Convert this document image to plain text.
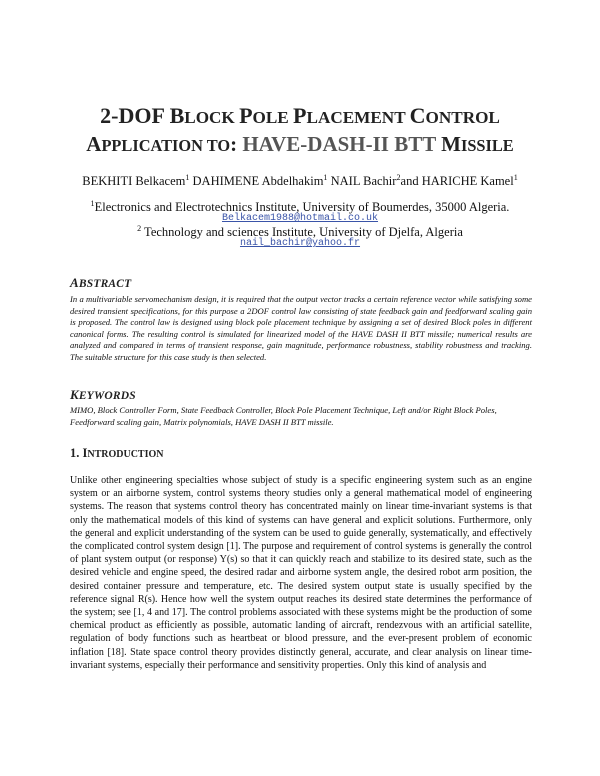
2-DOF BLOCK POLE PLACEMENT CONTROL
APPLICATION TO: HAVE-DASH-II BTT MISSILE
BEKHITI Belkacem$^1$ DAHIMENE Abdelhakim$^1$ NAIL Bachir$^2$and HARICHE Kamel$^1$
$^1$Electronics and Electrotechnics Institute, University of Boumerdes, 35000 Algeria.
Belkacem1988@hotmail.co.uk
$^2$ Technology and sciences Institute, University of Djelfa, Algeria
nail_bachir@yahoo.fr
ABSTRACT
In a multivariable servomechanism design, it is required that the output vector tracks a certain reference vector while satisfying some desired transient specifications, for this purpose a 2DOF control law consisting of state feedback gain and feedforward scaling gain is proposed. The control law is designed using block pole placement technique by assigning a set of desired Block poles in different canonical forms. The resulting control is simulated for linearized model of the HAVE DASH II BTT missile; numerical results are analyzed and compared in terms of transient response, gain magnitude, performance robustness, stability robustness and tracking. The suitable structure for this case study is then selected.
KEYWORDS
MIMO, Block Controller Form, State Feedback Controller, Block Pole Placement Technique, Left and/or Right Block Poles, Feedforward scaling gain, Matrix polynomials, HAVE DASH II BTT missile.
1. INTRODUCTION
Unlike other engineering specialties whose subject of study is a specific engineering system such as an engine system or an airborne system, control systems theory studies only a general mathematical model of engineering systems. The reason that systems control theory has concentrated mainly on linear time-invariant systems is that only the mathematical models of this kind of systems can have general and explicit solutions. Furthermore, only the general and explicit understanding of the system can be used to guide generally, systematically, and effectively the complicated control system design [1]. The purpose and requirement of control systems is generally the control of plant system output (or response) Y(s) so that it can quickly reach and stabilize to its desired state, such as the desired vehicle and engine speed, the desired radar and airborne system angle, the desired robot arm position, the desired container pressure and temperature, etc. The desired system output state is usually specified by the reference signal R(s). Hence how well the system output reaches its desired state determines the performance of the system; see [1, 4 and 17]. The control problems associated with these systems might be the production of some chemical product as efficiently as possible, automatic landing of aircraft, rendezvous with an artificial satellite, regulation of body functions such as heartbeat or blood pressure, and the ever-present problem of economic inflation [18]. State space control theory provides distinctly general, accurate, and clear analysis on linear time-invariant systems, especially their performance and sensitivity properties. Only this kind of analysis and
